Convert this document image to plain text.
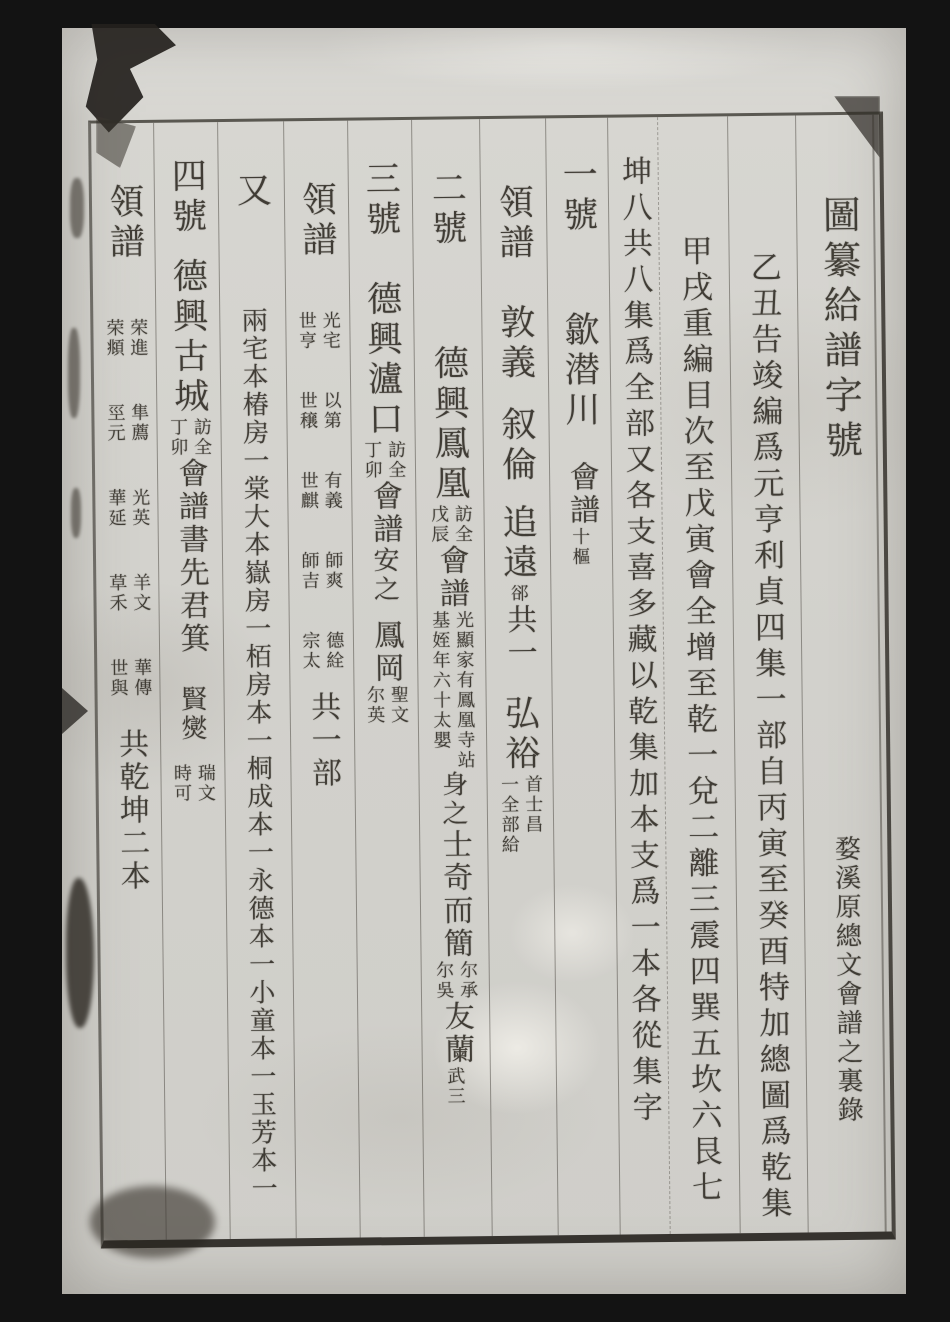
圖纂給譜字號
婺溪原總文會譜之裏錄
乙丑告竣編爲元亨利貞四集一部自丙寅至癸酉特加總圖爲乾集
甲戌重編目次至戊寅會全增至乾一兌二離三震四巽五坎六艮七
坤八共八集爲全部又各支喜多藏以乾集加本支爲一本各從集字
一號
歙潜川
會譜
十樞
領譜
敦義
叙倫
追遠
郤
共一
弘裕
首士昌
一全部給
二號
德興鳳凰
訪全
戊辰
會譜
光顯家有鳳凰寺站
基姪年六十太嬰
身之
士奇
而簡
尔承
尔吳
友蘭
武三
三號
德興瀘口
訪全
丁卯
會譜
安之
鳳岡
聖文
尔英
領譜
光宅
世亨
以第
世穣
有義
世麒
師爽
師吉
德絟
宗太
共一部
又
兩宅本椿房一棠大本嶽房一栢房本一桐成本一永德本一小童本一玉芳本一
四號
德興古城
訪全
丁卯
會譜書先
君箕
賢爕
瑞文
時可
領譜
荣進
荣頫
隼薦
巠元
光英
華延
羊文
草禾
華傳
世與
共乾坤二本
